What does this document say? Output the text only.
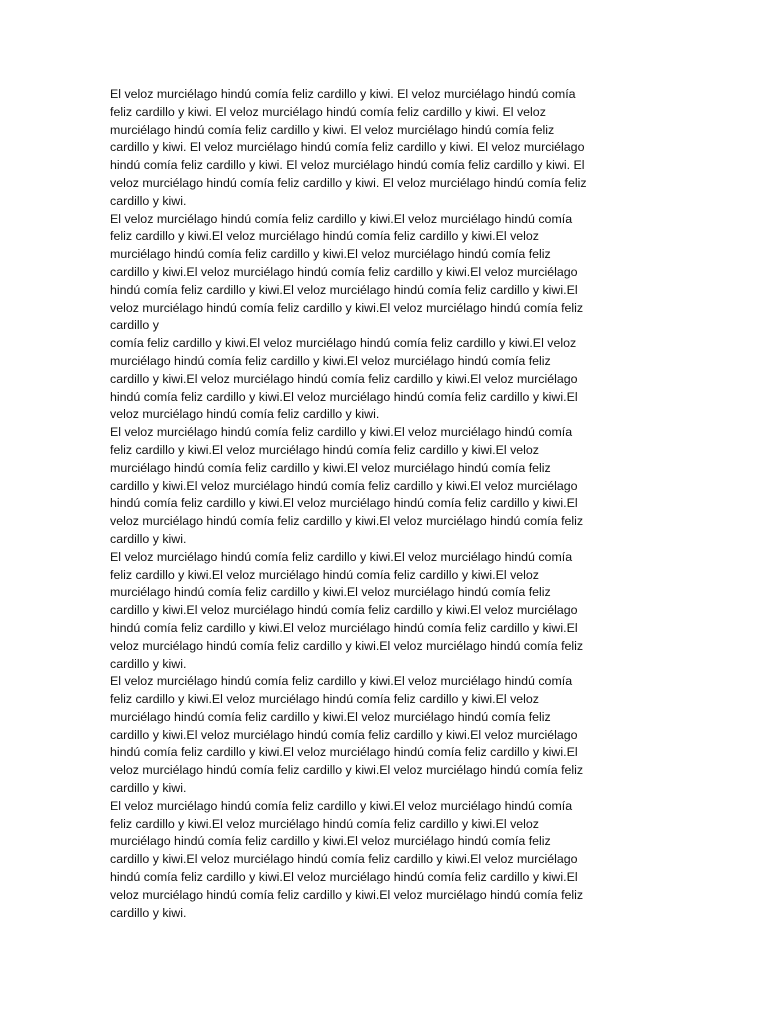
El veloz murciélago hindú comía feliz cardillo y kiwi. El veloz murciélago hindú comía
feliz cardillo y kiwi. El veloz murciélago hindú comía feliz cardillo y kiwi. El veloz
murciélago hindú comía feliz cardillo y kiwi. El veloz murciélago hindú comía feliz
cardillo y kiwi. El veloz murciélago hindú comía feliz cardillo y kiwi. El veloz murciélago
hindú comía feliz cardillo y kiwi. El veloz murciélago hindú comía feliz cardillo y kiwi. El
veloz murciélago hindú comía feliz cardillo y kiwi. El veloz murciélago hindú comía feliz
cardillo y kiwi.
El veloz murciélago hindú comía feliz cardillo y kiwi.El veloz murciélago hindú comía
feliz cardillo y kiwi.El veloz murciélago hindú comía feliz cardillo y kiwi.El veloz
murciélago hindú comía feliz cardillo y kiwi.El veloz murciélago hindú comía feliz
cardillo y kiwi.El veloz murciélago hindú comía feliz cardillo y kiwi.El veloz murciélago
hindú comía feliz cardillo y kiwi.El veloz murciélago hindú comía feliz cardillo y kiwi.El
veloz murciélago hindú comía feliz cardillo y kiwi.El veloz murciélago hindú comía feliz
cardillo y
comía feliz cardillo y kiwi.El veloz murciélago hindú comía feliz cardillo y kiwi.El veloz
murciélago hindú comía feliz cardillo y kiwi.El veloz murciélago hindú comía feliz
cardillo y kiwi.El veloz murciélago hindú comía feliz cardillo y kiwi.El veloz murciélago
hindú comía feliz cardillo y kiwi.El veloz murciélago hindú comía feliz cardillo y kiwi.El
veloz murciélago hindú comía feliz cardillo y kiwi.
El veloz murciélago hindú comía feliz cardillo y kiwi.El veloz murciélago hindú comía
feliz cardillo y kiwi.El veloz murciélago hindú comía feliz cardillo y kiwi.El veloz
murciélago hindú comía feliz cardillo y kiwi.El veloz murciélago hindú comía feliz
cardillo y kiwi.El veloz murciélago hindú comía feliz cardillo y kiwi.El veloz murciélago
hindú comía feliz cardillo y kiwi.El veloz murciélago hindú comía feliz cardillo y kiwi.El
veloz murciélago hindú comía feliz cardillo y kiwi.El veloz murciélago hindú comía feliz
cardillo y kiwi.
El veloz murciélago hindú comía feliz cardillo y kiwi.El veloz murciélago hindú comía
feliz cardillo y kiwi.El veloz murciélago hindú comía feliz cardillo y kiwi.El veloz
murciélago hindú comía feliz cardillo y kiwi.El veloz murciélago hindú comía feliz
cardillo y kiwi.El veloz murciélago hindú comía feliz cardillo y kiwi.El veloz murciélago
hindú comía feliz cardillo y kiwi.El veloz murciélago hindú comía feliz cardillo y kiwi.El
veloz murciélago hindú comía feliz cardillo y kiwi.El veloz murciélago hindú comía feliz
cardillo y kiwi.
El veloz murciélago hindú comía feliz cardillo y kiwi.El veloz murciélago hindú comía
feliz cardillo y kiwi.El veloz murciélago hindú comía feliz cardillo y kiwi.El veloz
murciélago hindú comía feliz cardillo y kiwi.El veloz murciélago hindú comía feliz
cardillo y kiwi.El veloz murciélago hindú comía feliz cardillo y kiwi.El veloz murciélago
hindú comía feliz cardillo y kiwi.El veloz murciélago hindú comía feliz cardillo y kiwi.El
veloz murciélago hindú comía feliz cardillo y kiwi.El veloz murciélago hindú comía feliz
cardillo y kiwi.
El veloz murciélago hindú comía feliz cardillo y kiwi.El veloz murciélago hindú comía
feliz cardillo y kiwi.El veloz murciélago hindú comía feliz cardillo y kiwi.El veloz
murciélago hindú comía feliz cardillo y kiwi.El veloz murciélago hindú comía feliz
cardillo y kiwi.El veloz murciélago hindú comía feliz cardillo y kiwi.El veloz murciélago
hindú comía feliz cardillo y kiwi.El veloz murciélago hindú comía feliz cardillo y kiwi.El
veloz murciélago hindú comía feliz cardillo y kiwi.El veloz murciélago hindú comía feliz
cardillo y kiwi.
